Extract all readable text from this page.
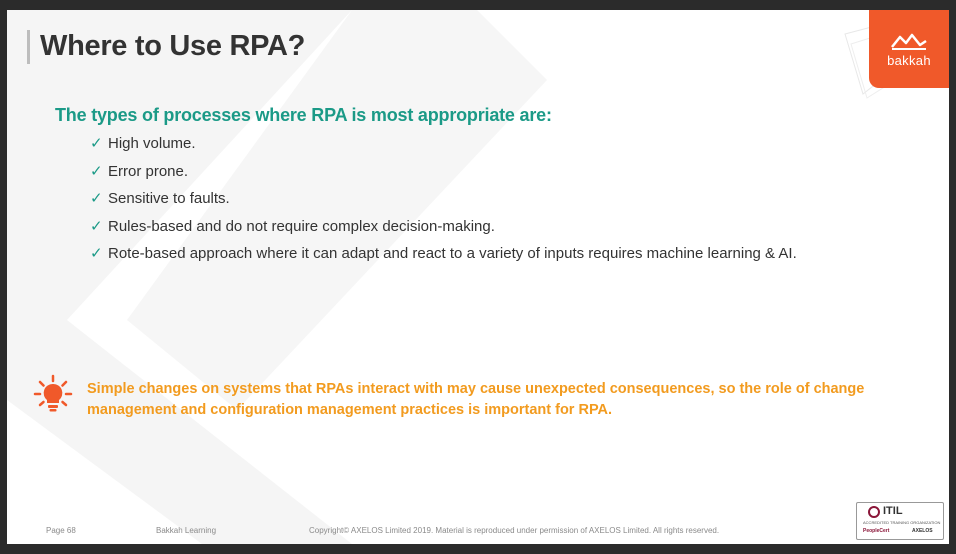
Where to Use RPA?	bakkah
The types of processes where RPA is most appropriate are:
✓ High volume.
✓ Error prone.
✓ Sensitive to faults.
✓ Rules-based and do not require complex decision-making.
✓ Rote-based approach where it can adapt and react to a variety of inputs requires machine learning & AI.
Simple changes on systems that RPAs interact with may cause unexpected consequences, so the role of change management and configuration management practices is important for RPA.
Page 68	Bakkah Learning	Copyright© AXELOS Limited 2019. Material is reproduced under permission of AXELOS Limited. All rights reserved.
ITIL
ACCREDITED TRAINING ORGANIZATION
PeopleCert	AXELOS
